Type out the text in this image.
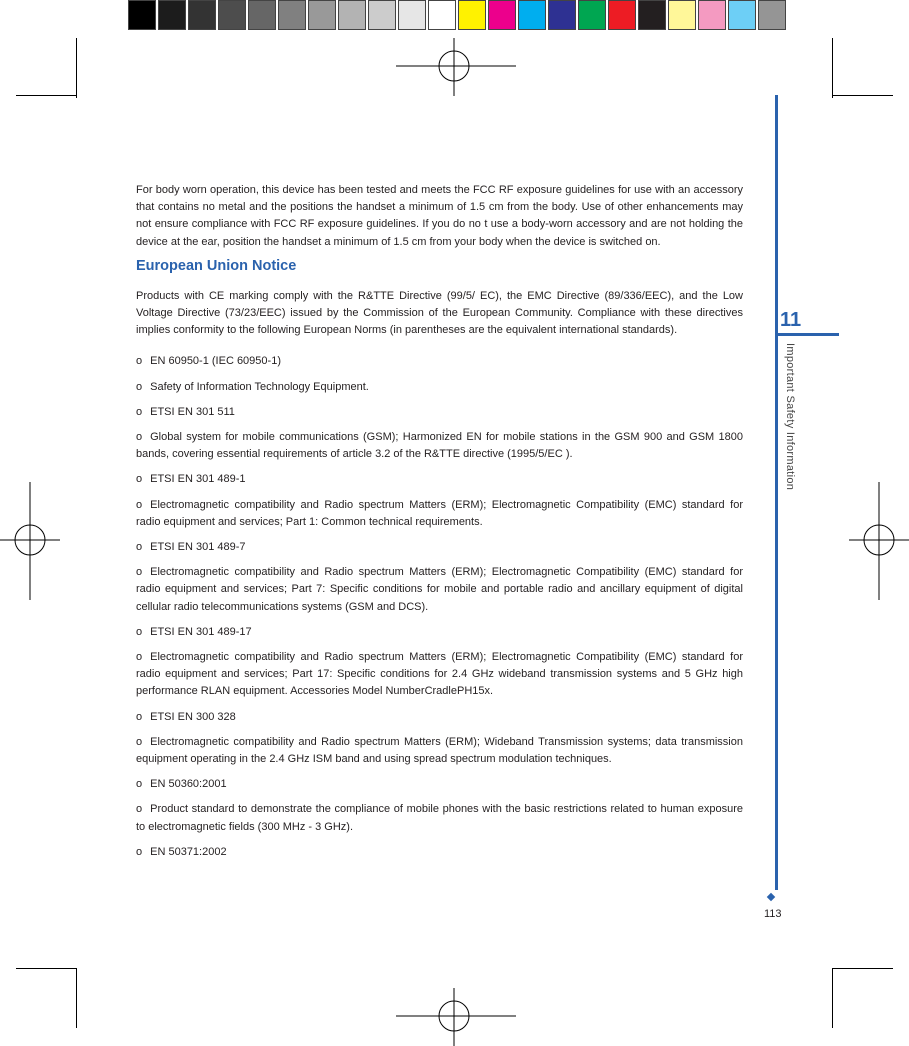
11
Important Safety Information
113

For body worn operation, this device has been tested and meets the FCC RF exposure guidelines for use with an accessory that contains no metal and the positions the handset a minimum of 1.5 cm from the body. Use of other enhancements may not ensure compliance with FCC RF exposure guidelines. If you do no t use a body-worn accessory and are not holding the device at the ear, position the handset a minimum of 1.5 cm from your body when the device is switched on.

European Union Notice

Products with CE marking comply with the R&TTE Directive (99/5/ EC), the EMC Directive (89/336/EEC), and the Low Voltage Directive (73/23/EEC) issued by the Commission of the European Community. Compliance with these directives implies conformity to the following European Norms (in parentheses are the equivalent international standards).

o EN 60950-1 (IEC 60950-1)

o Safety of Information Technology Equipment.

o ETSI EN 301 511

o Global system for mobile communications (GSM); Harmonized EN for mobile stations in the GSM 900 and GSM 1800 bands, covering essential requirements of article 3.2 of the R&TTE directive (1995/5/EC ).

o ETSI EN 301 489-1

o Electromagnetic compatibility and Radio spectrum Matters (ERM); Electromagnetic Compatibility (EMC) standard for radio equipment and services; Part 1: Common technical requirements.

o ETSI EN 301 489-7

o Electromagnetic compatibility and Radio spectrum Matters (ERM); Electromagnetic Compatibility (EMC) standard for radio equipment and services; Part 7: Specific conditions for mobile and portable radio and ancillary equipment of digital cellular radio telecommunications systems (GSM and DCS).

o ETSI EN 301 489-17

o Electromagnetic compatibility and Radio spectrum Matters (ERM); Electromagnetic Compatibility (EMC) standard for radio equipment and services; Part 17: Specific conditions for 2.4 GHz wideband transmission systems and 5 GHz high performance RLAN equipment. Accessories Model NumberCradlePH15x.

o ETSI EN 300 328

o Electromagnetic compatibility and Radio spectrum Matters (ERM); Wideband Transmission systems; data transmission equipment operating in the 2.4 GHz ISM band and using spread spectrum modulation techniques.

o EN 50360:2001

o Product standard to demonstrate the compliance of mobile phones with the basic restrictions related to human exposure to electromagnetic fields (300 MHz - 3 GHz).

o EN 50371:2002
